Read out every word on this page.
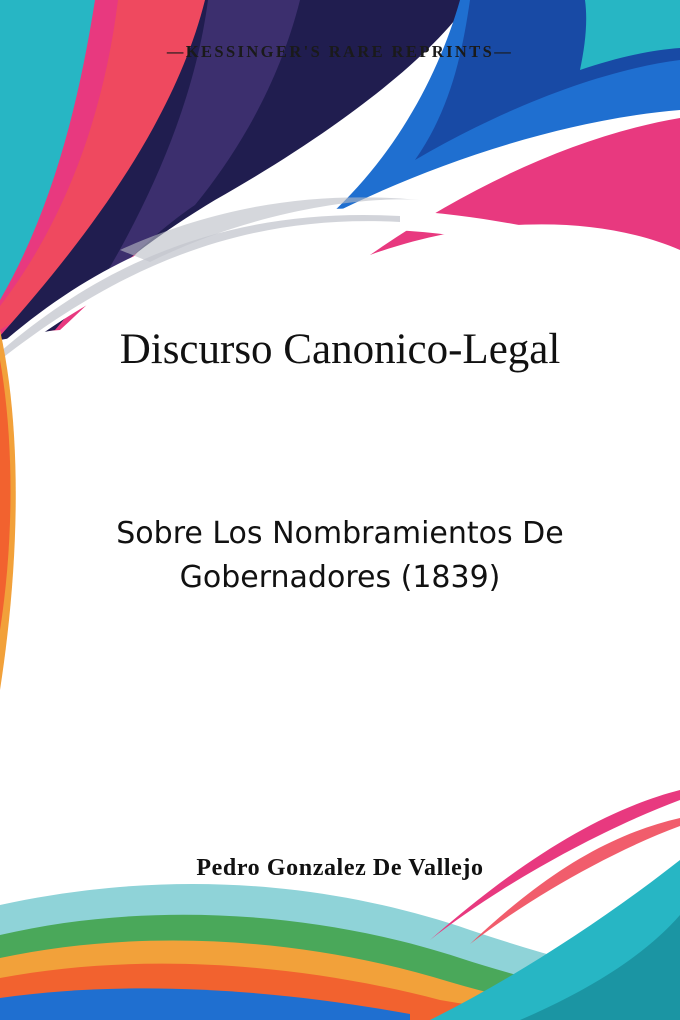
—KESSINGER'S RARE REPRINTS—
Discurso Canonico-Legal
Sobre Los Nombramientos De Gobernadores (1839)
Pedro Gonzalez De Vallejo
